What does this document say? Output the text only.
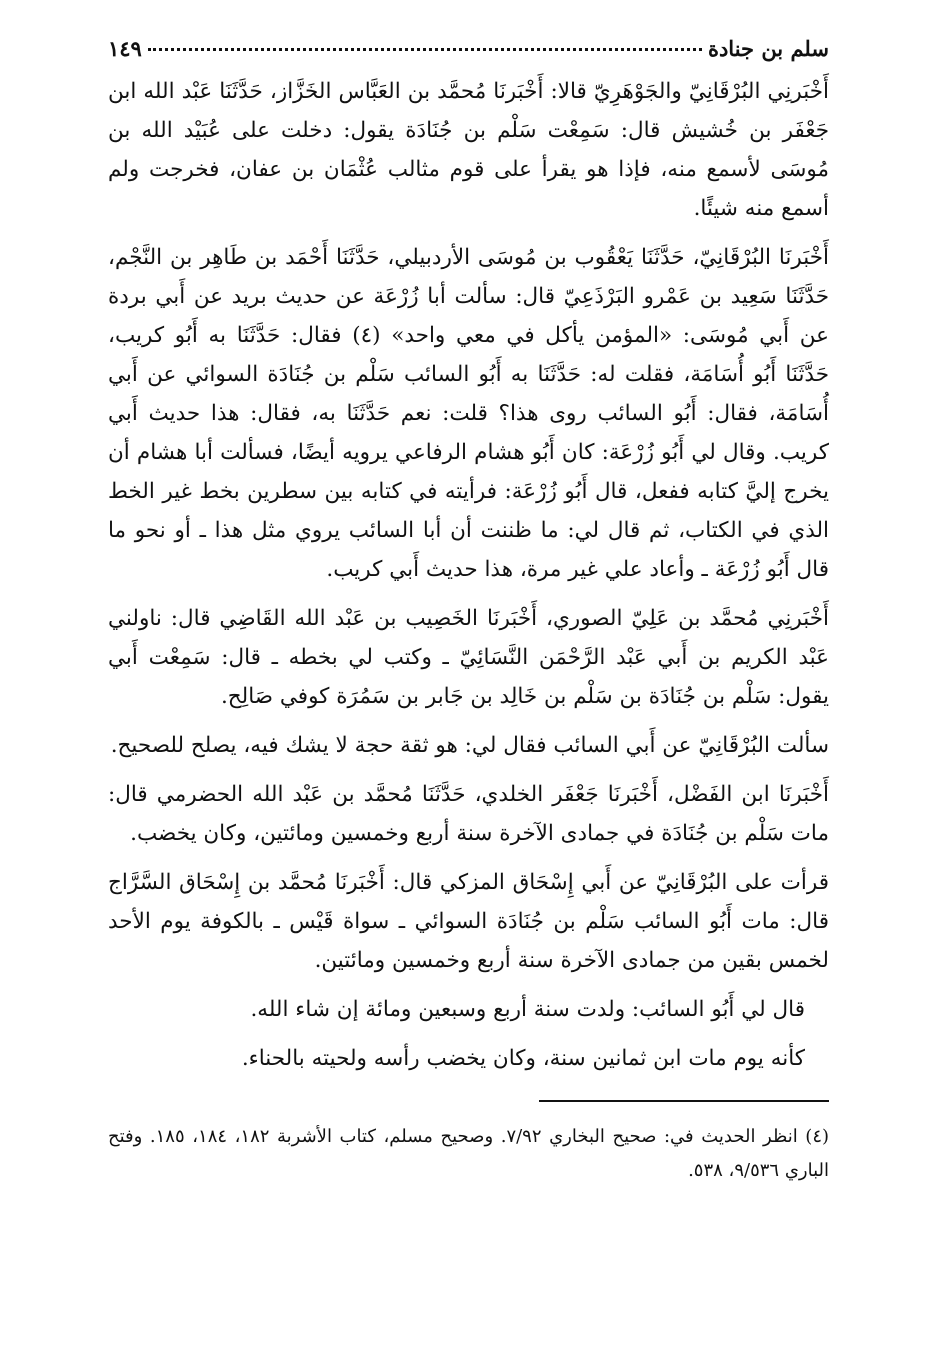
سلم بن جنادة
١٤٩

أَخْبَرنِي البُرْقَانِيّ والجَوْهَرِيّ قالا: أَخْبَرنَا مُحمَّد بن العَبَّاس الخَزَّاز، حَدَّثَنَا عَبْد الله ابن جَعْفَر بن خُشيش قال: سَمِعْت سَلْم بن جُنَادَة يقول: دخلت على عُبَيْد الله بن مُوسَى لأسمع منه، فإذا هو يقرأ على قوم مثالب عُثْمَان بن عفان، فخرجت ولم أسمع منه شيئًا.

أَخْبَرنَا البُرْقَانِيّ، حَدَّثَنَا يَعْقُوب بن مُوسَى الأردبيلي، حَدَّثَنَا أَحْمَد بن طَاهِر بن النَّجْم، حَدَّثَنَا سَعِيد بن عَمْرو البَرْذَعِيّ قال: سألت أبا زُرْعَة عن حديث بريد عن أَبي بردة عن أَبي مُوسَى: «المؤمن يأكل في معي واحد» (٤) فقال: حَدَّثَنَا به أَبُو كريب، حَدَّثَنَا أَبُو أُسَامَة، فقلت له: حَدَّثَنَا به أَبُو السائب سَلْم بن جُنَادَة السوائي عن أَبي أُسَامَة، فقال: أَبُو السائب روى هذا؟ قلت: نعم حَدَّثَنَا به، فقال: هذا حديث أَبي كريب. وقال لي أَبُو زُرْعَة: كان أَبُو هشام الرفاعي يرويه أيضًا، فسألت أبا هشام أن يخرج إليَّ كتابه ففعل، قال أَبُو زُرْعَة: فرأيته في كتابه بين سطرين بخط غير الخط الذي في الكتاب، ثم قال لي: ما ظننت أن أبا السائب يروي مثل هذا ـ أو نحو ما قال أَبُو زُرْعَة ـ وأعاد علي غير مرة، هذا حديث أَبي كريب.

أَخْبَرنِي مُحمَّد بن عَلِيّ الصوري، أَخْبَرنَا الخَصِيب بن عَبْد الله القَاضِي قال: ناولني عَبْد الكريم بن أَبي عَبْد الرَّحْمَن النَّسَائِيّ ـ وكتب لي بخطه ـ قال: سَمِعْت أَبي يقول: سَلْم بن جُنَادَة بن سَلْم بن خَالِد بن جَابر بن سَمُرَة كوفي صَالِح.

سألت البُرْقَانِيّ عن أَبي السائب فقال لي: هو ثقة حجة لا يشك فيه، يصلح للصحيح.

أَخْبَرنَا ابن الفَضْل، أَخْبَرنَا جَعْفَر الخلدي، حَدَّثَنَا مُحمَّد بن عَبْد الله الحضرمي قال: مات سَلْم بن جُنَادَة في جمادى الآخرة سنة أربع وخمسين ومائتين، وكان يخضب.

قرأت على البُرْقَانِيّ عن أَبي إِسْحَاق المزكي قال: أَخْبَرنَا مُحمَّد بن إِسْحَاق السَّرَّاج قال: مات أَبُو السائب سَلْم بن جُنَادَة السوائي ـ سواة قَيْس ـ بالكوفة يوم الأحد لخمس بقين من جمادى الآخرة سنة أربع وخمسين ومائتين.

قال لي أَبُو السائب: ولدت سنة أربع وسبعين ومائة إن شاء الله.

كأنه يوم مات ابن ثمانين سنة، وكان يخضب رأسه ولحيته بالحناء.

(٤) انظر الحديث في: صحيح البخاري ٧/٩٢. وصحيح مسلم، كتاب الأشربة ١٨٢، ١٨٤، ١٨٥. وفتح الباري ٩/٥٣٦، ٥٣٨.
